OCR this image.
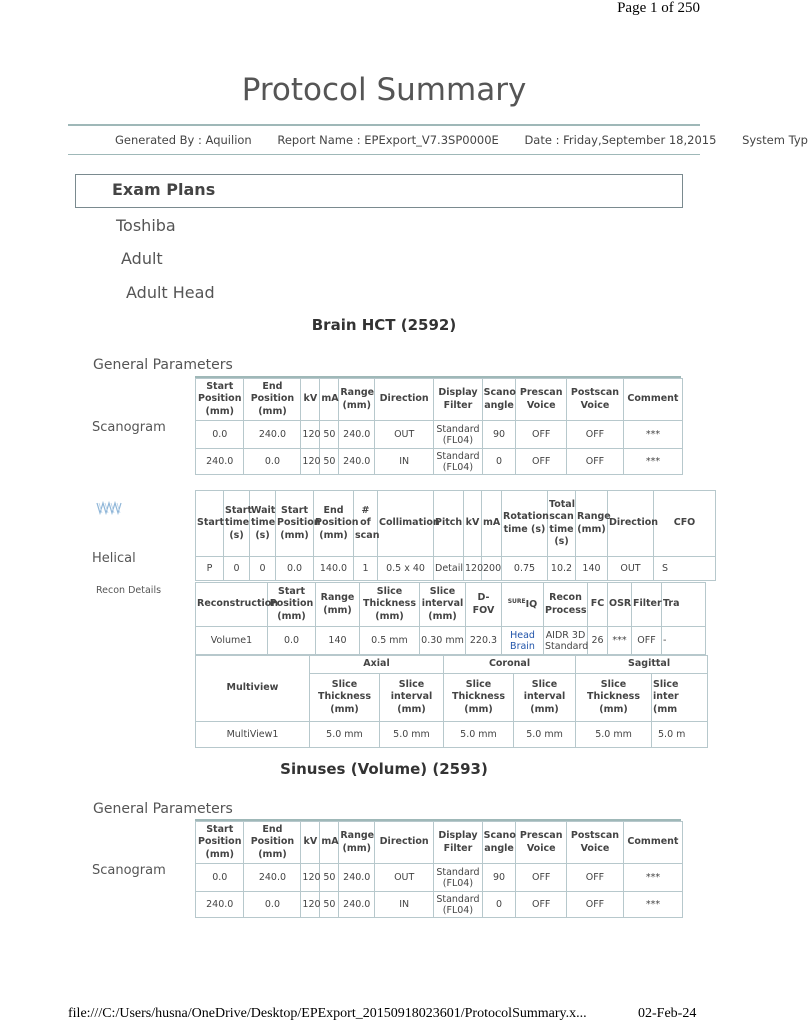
Page 1 of 250
Protocol Summary
Generated By : Aquilion Report Name : EPExport_V7.3SP0000E Date : Friday,September 18,2015 System Typ
Exam Plans
Toshiba
Adult
Adult Head
Brain HCT (2592)
General Parameters
Scanogram
Start Position (mm)	End Position (mm)	kV	mA	Range (mm)	Direction	Display Filter	Scano angle	Prescan Voice	Postscan Voice	Comment
0.0	240.0	120	50	240.0	OUT	Standard (FL04)	90	OFF	OFF	***
240.0	0.0	120	50	240.0	IN	Standard (FL04)	0	OFF	OFF	***
Helical
Start	Start time (s)	Wait time (s)	Start Position (mm)	End Position (mm)	# of scan	Collimation	Pitch	kV	mA	Rotation time (s)	Total scan time (s)	Range (mm)	Direction	CFO
P	0	0	0.0	140.0	1	0.5 x 40	Detail	120	200	0.75	10.2	140	OUT	S
Recon Details
Reconstruction	Start Position (mm)	Range (mm)	Slice Thickness (mm)	Slice interval (mm)	D-FOV	$^{SURE}$IQ	Recon Process	FC	OSR	Filter	Tra
Volume1	0.0	140	0.5 mm	0.30 mm	220.3	Head Brain	AIDR 3D Standard	26	***	OFF	-
Multiview	Axial		Coronal		Sagittal	
	Slice Thickness (mm)	Slice interval (mm)	Slice Thickness (mm)	Slice interval (mm)	Slice Thickness (mm)	Slice inter (mm
MultiView1	5.0 mm	5.0 mm	5.0 mm	5.0 mm	5.0 mm	5.0 m
Sinuses (Volume) (2593)
General Parameters
Scanogram
Start Position (mm)	End Position (mm)	kV	mA	Range (mm)	Direction	Display Filter	Scano angle	Prescan Voice	Postscan Voice	Comment
0.0	240.0	120	50	240.0	OUT	Standard (FL04)	90	OFF	OFF	***
240.0	0.0	120	50	240.0	IN	Standard (FL04)	0	OFF	OFF	***
file:///C:/Users/husna/OneDrive/Desktop/EPExport_20150918023601/ProtocolSummary.x...	02-Feb-24
